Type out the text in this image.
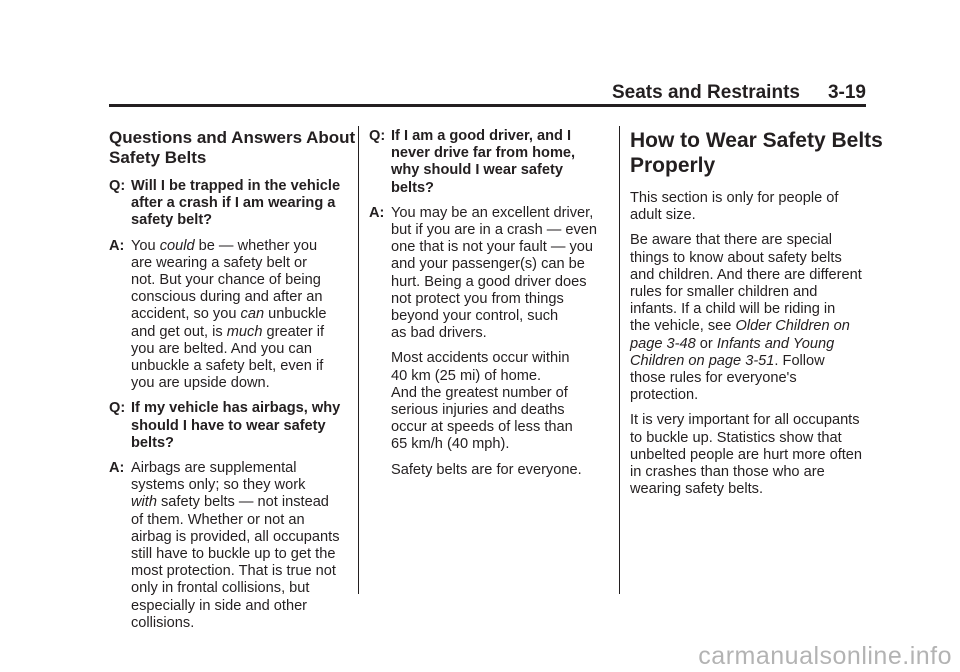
Seats and Restraints 3-19
Questions and Answers About
Safety Belts
Q: Will I be trapped in the vehicle
after a crash if I am wearing a
safety belt?
A: You could be — whether you
are wearing a safety belt or
not. But your chance of being
conscious during and after an
accident, so you can unbuckle
and get out, is much greater if
you are belted. And you can
unbuckle a safety belt, even if
you are upside down.
Q: If my vehicle has airbags, why
should I have to wear safety
belts?
A: Airbags are supplemental
systems only; so they work
with safety belts — not instead
of them. Whether or not an
airbag is provided, all occupants
still have to buckle up to get the
most protection. That is true not
only in frontal collisions, but
especially in side and other
collisions.
Q: If I am a good driver, and I
never drive far from home,
why should I wear safety
belts?
A: You may be an excellent driver,
but if you are in a crash — even
one that is not your fault — you
and your passenger(s) can be
hurt. Being a good driver does
not protect you from things
beyond your control, such
as bad drivers.
Most accidents occur within
40 km (25 mi) of home.
And the greatest number of
serious injuries and deaths
occur at speeds of less than
65 km/h (40 mph).
Safety belts are for everyone.
How to Wear Safety Belts
Properly

This section is only for people of
adult size.

Be aware that there are special
things to know about safety belts
and children. And there are different
rules for smaller children and
infants. If a child will be riding in
the vehicle, see Older Children on
page 3-48 or Infants and Young
Children on page 3-51. Follow
those rules for everyone's
protection.

It is very important for all occupants
to buckle up. Statistics show that
unbelted people are hurt more often
in crashes than those who are
wearing safety belts.

carmanualsonline.info
